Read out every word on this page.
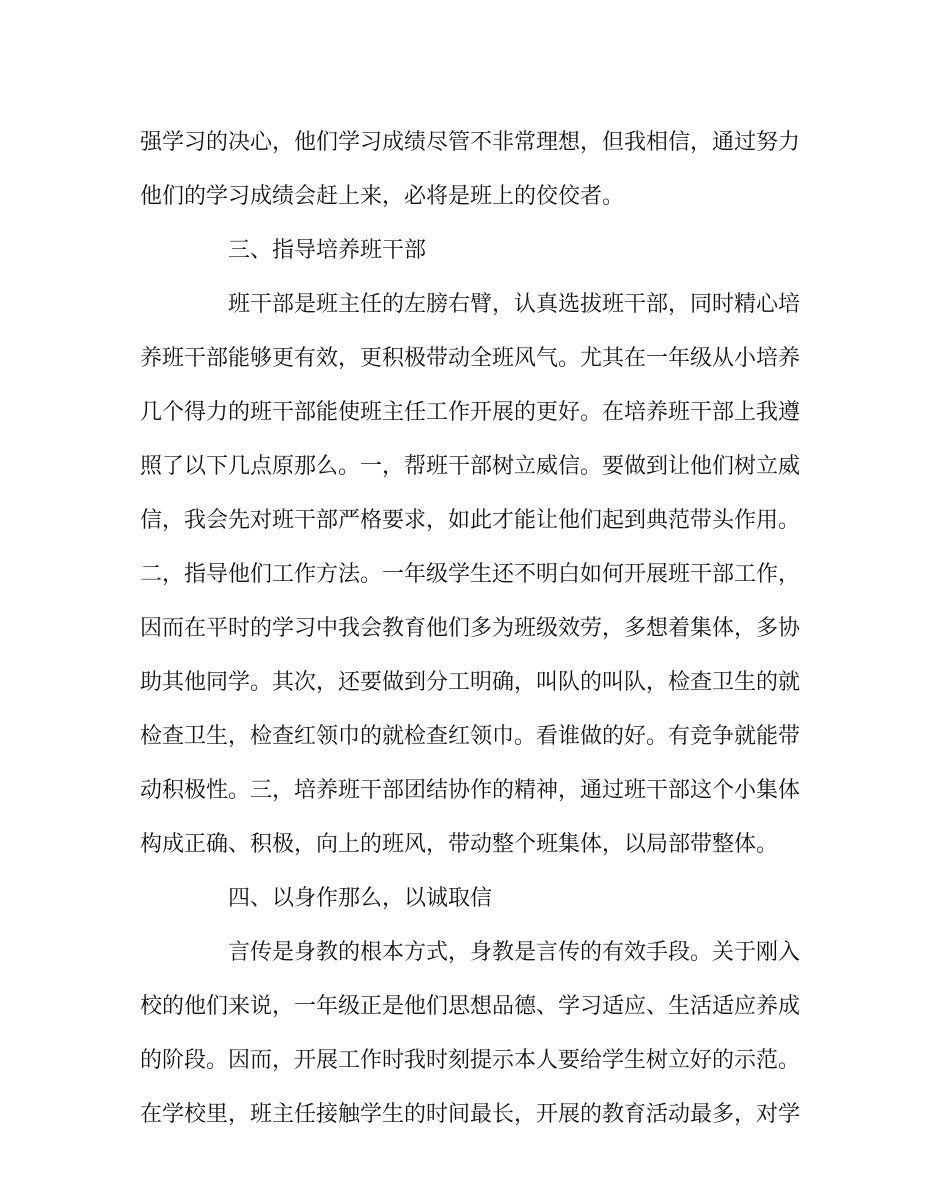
强学习的决心，他们学习成绩尽管不非常理想，但我相信，通过努力
他们的学习成绩会赶上来，必将是班上的佼佼者。
三、指导培养班干部
班干部是班主任的左膀右臂，认真选拔班干部，同时精心培
养班干部能够更有效，更积极带动全班风气。尤其在一年级从小培养
几个得力的班干部能使班主任工作开展的更好。在培养班干部上我遵
照了以下几点原那么。一，帮班干部树立威信。要做到让他们树立威
信，我会先对班干部严格要求，如此才能让他们起到典范带头作用。
二，指导他们工作方法。一年级学生还不明白如何开展班干部工作，
因而在平时的学习中我会教育他们多为班级效劳，多想着集体，多协
助其他同学。其次，还要做到分工明确，叫队的叫队，检查卫生的就
检查卫生，检查红领巾的就检查红领巾。看谁做的好。有竞争就能带
动积极性。三，培养班干部团结协作的精神，通过班干部这个小集体
构成正确、积极，向上的班风，带动整个班集体，以局部带整体。
四、以身作那么，以诚取信
言传是身教的根本方式，身教是言传的有效手段。关于刚入
校的他们来说，一年级正是他们思想品德、学习适应、生活适应养成
的阶段。因而，开展工作时我时刻提示本人要给学生树立好的示范。
在学校里，班主任接触学生的时间最长，开展的教育活动最多，对学
